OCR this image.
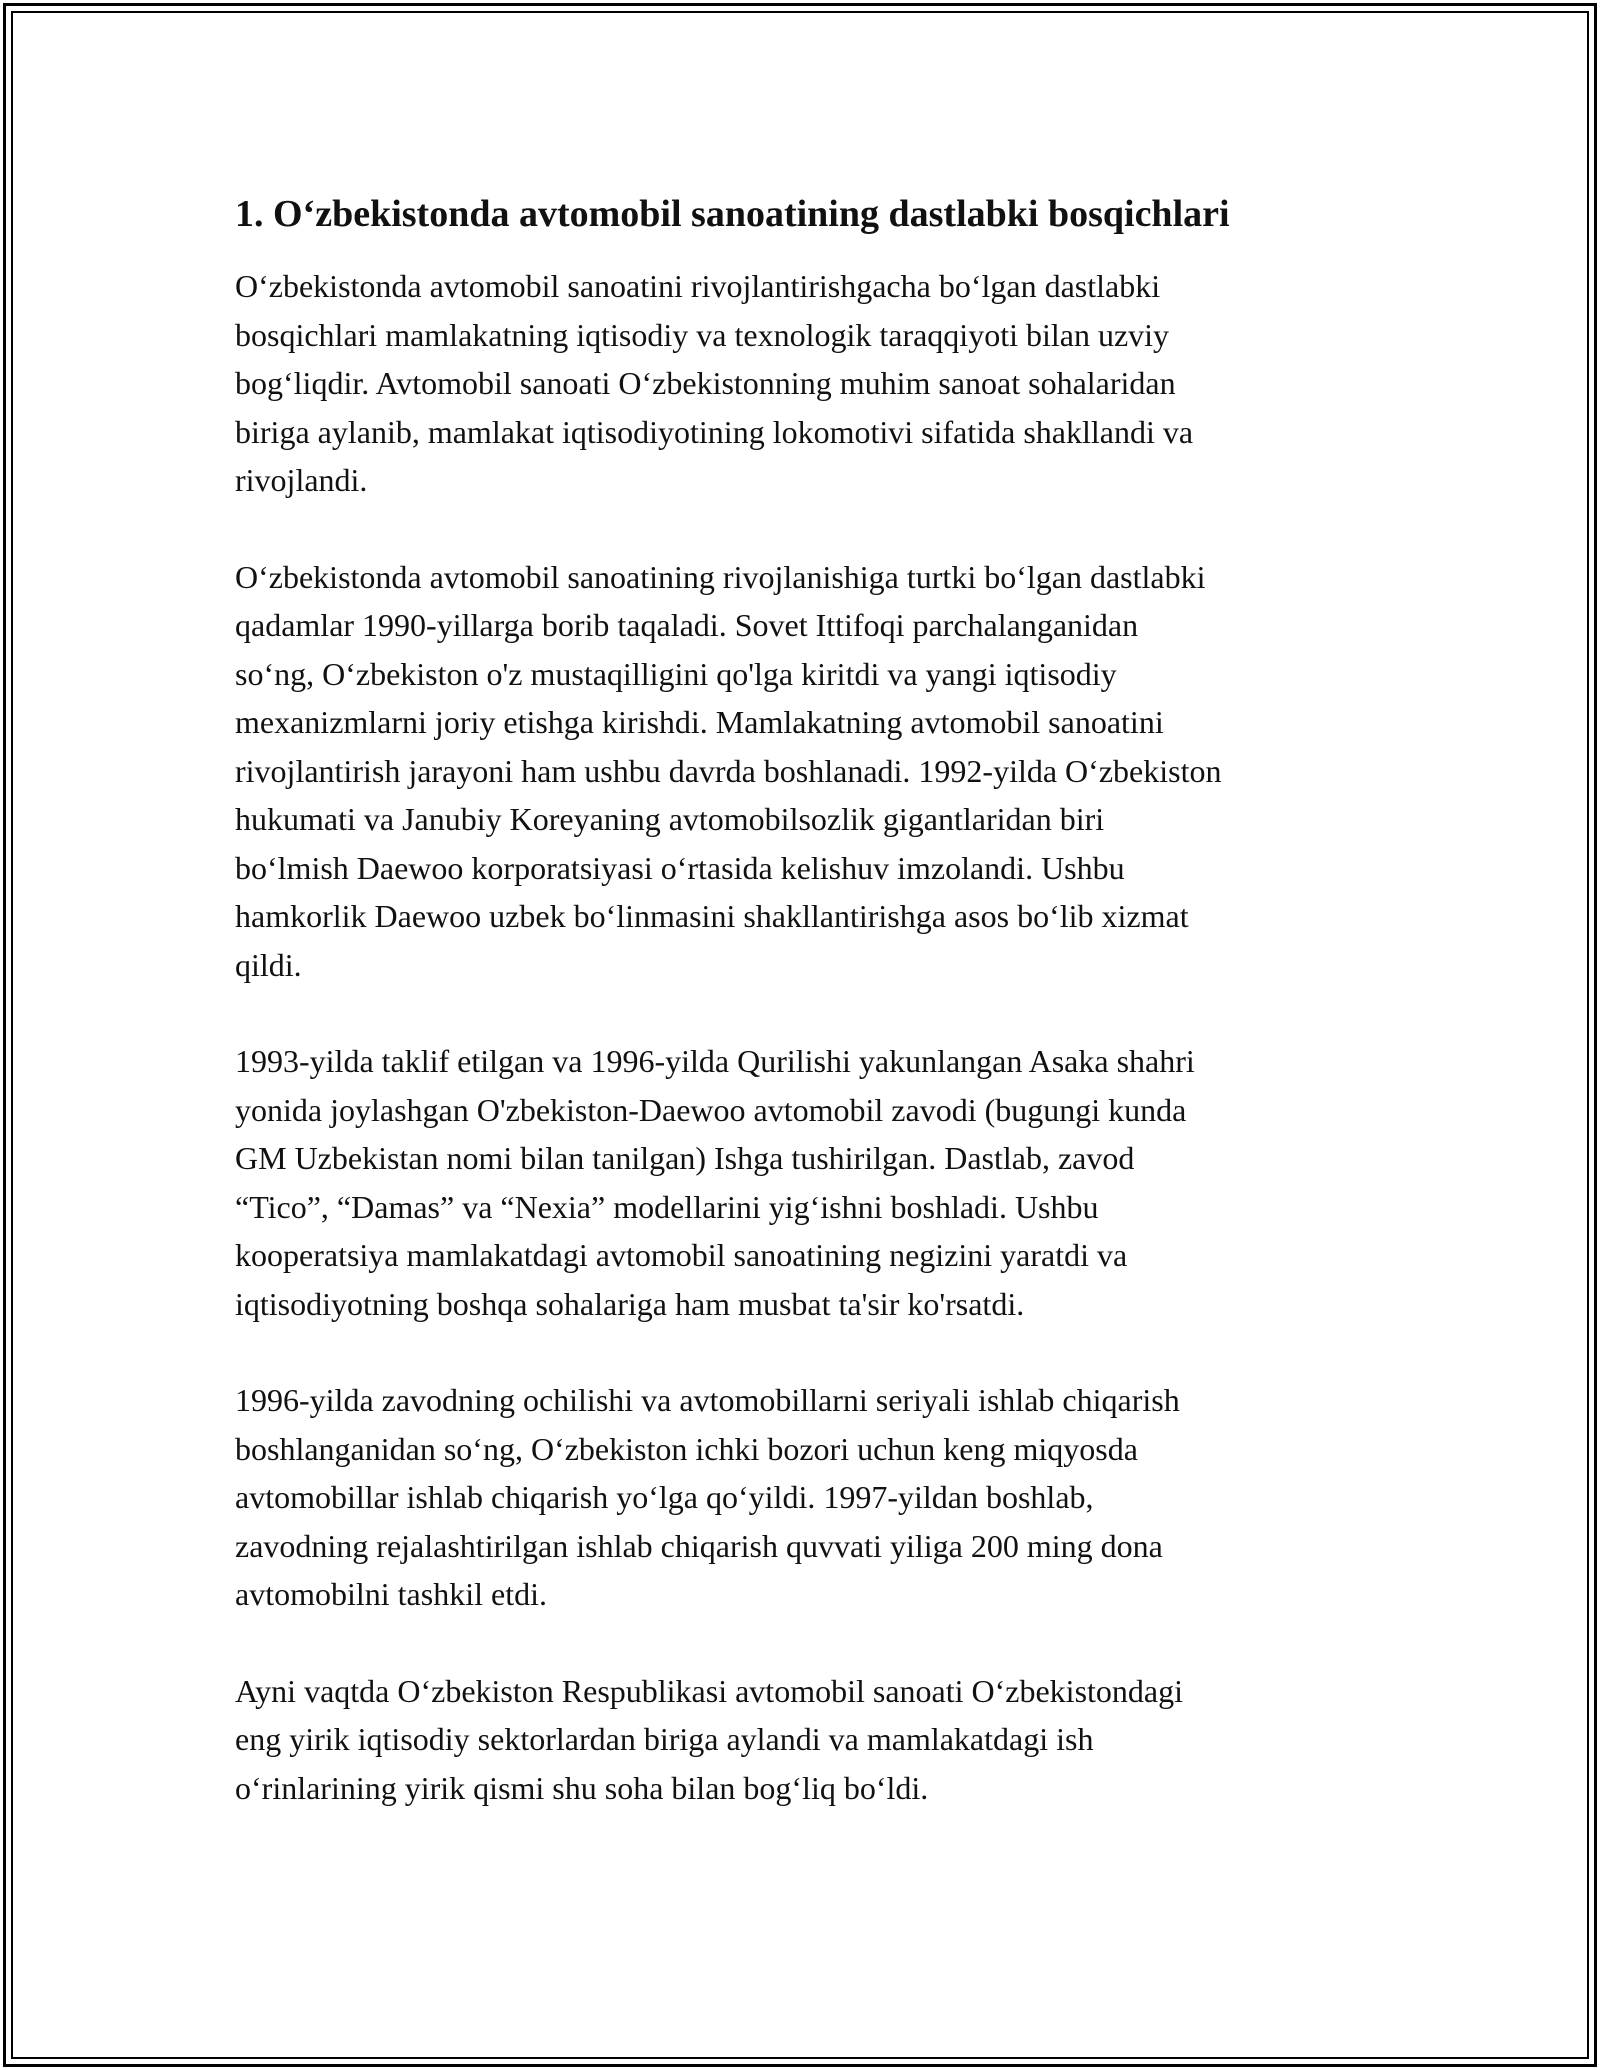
1. O‘zbekistonda avtomobil sanoatining dastlabki bosqichlari

O‘zbekistonda avtomobil sanoatini rivojlantirishgacha bo‘lgan dastlabki
bosqichlari mamlakatning iqtisodiy va texnologik taraqqiyoti bilan uzviy
bog‘liqdir. Avtomobil sanoati O‘zbekistonning muhim sanoat sohalaridan
biriga aylanib, mamlakat iqtisodiyotining lokomotivi sifatida shakllandi va
rivojlandi.

O‘zbekistonda avtomobil sanoatining rivojlanishiga turtki bo‘lgan dastlabki
qadamlar 1990-yillarga borib taqaladi. Sovet Ittifoqi parchalanganidan
so‘ng, O‘zbekiston o'z mustaqilligini qo'lga kiritdi va yangi iqtisodiy
mexanizmlarni joriy etishga kirishdi. Mamlakatning avtomobil sanoatini
rivojlantirish jarayoni ham ushbu davrda boshlanadi. 1992-yilda O‘zbekiston
hukumati va Janubiy Koreyaning avtomobilsozlik gigantlaridan biri
bo‘lmish Daewoo korporatsiyasi o‘rtasida kelishuv imzolandi. Ushbu
hamkorlik Daewoo uzbek bo‘linmasini shakllantirishga asos bo‘lib xizmat
qildi.

1993-yilda taklif etilgan va 1996-yilda Qurilishi yakunlangan Asaka shahri
yonida joylashgan O'zbekiston-Daewoo avtomobil zavodi (bugungi kunda
GM Uzbekistan nomi bilan tanilgan) Ishga tushirilgan. Dastlab, zavod
“Tico”, “Damas” va “Nexia” modellarini yig‘ishni boshladi. Ushbu
kooperatsiya mamlakatdagi avtomobil sanoatining negizini yaratdi va
iqtisodiyotning boshqa sohalariga ham musbat ta'sir ko'rsatdi.

1996-yilda zavodning ochilishi va avtomobillarni seriyali ishlab chiqarish
boshlanganidan so‘ng, O‘zbekiston ichki bozori uchun keng miqyosda
avtomobillar ishlab chiqarish yo‘lga qo‘yildi. 1997-yildan boshlab,
zavodning rejalashtirilgan ishlab chiqarish quvvati yiliga 200 ming dona
avtomobilni tashkil etdi.

Ayni vaqtda O‘zbekiston Respublikasi avtomobil sanoati O‘zbekistondagi
eng yirik iqtisodiy sektorlardan biriga aylandi va mamlakatdagi ish
o‘rinlarining yirik qismi shu soha bilan bog‘liq bo‘ldi.
